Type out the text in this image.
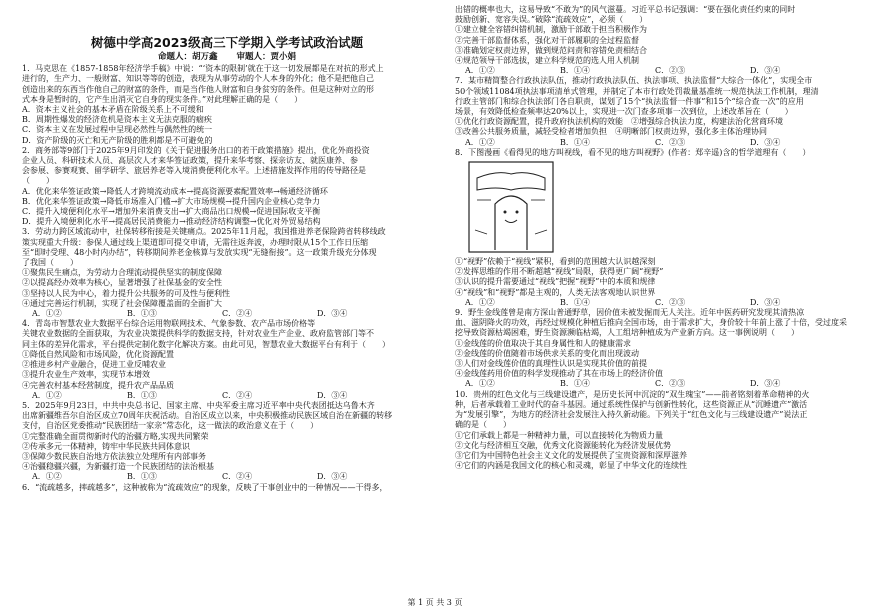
树德中学高2023级高三下学期入学考试政治试题
命题人：胡万鑫 审题人：贾小娟

1．马克思在《1857-1858年经济学手稿》中说：“‘资本的限制’就在于这一切发展都是在对抗的形式上

进行的，生产力、一般财富、知识等等的创造，表现为从事劳动的个人本身的外化；他不是把他自己

创造出来的东西当作他自己的财富的条件，而是当作他人财富和自身贫穷的条件。但是这种对立的形

式本身是暂时的，它产生出消灭它自身的现实条件。”对此理解正确的是（　　）

A．资本主义社会的基本矛盾在阶级关系上不可缓和

B．周期性爆发的经济危机是资本主义无法克服的痼疾

C．资本主义在发展过程中呈现必然性与偶然性的统一

D．资产阶级的灭亡和无产阶级的胜利都是不可避免的

2．商务部等9部门于2025年9月印发的《关于促进服务出口的若干政策措施》提出，优化外商投资

企业人员、科研技术人员、高层次人才来华签证政策，提升来华考察、探亲访友、就医康养、参

会参展、参赛观赛、留学研学、旅居养老等入境消费便利化水平。上述措施发挥作用的传导路径是

（　　）

A．优化来华签证政策→降低人才跨境流动成本→提高资源要素配置效率→畅通经济循环

B．优化来华签证政策→降低市场准入门槛→扩大市场规模→提升国内企业核心竞争力

C．提升入境便利化水平→增加外来消费支出→扩大商品出口规模→促进国际收支平衡

D．提升入境便利化水平→提高居民消费能力→推动经济结构调整→优化对外贸易结构

3．劳动力跨区域流动中，社保转移衔接是关键痛点。2025年11月起，我国推进养老保险跨省转移线政

策实现重大升级：参保人通过线上渠道即可提交申请，无需往返奔波，办理时限从15个工作日压缩

至“即时受理、48小时内办结”，转移期间养老金核算与发放实现“无缝衔接”。这一政策升级充分体现

了我国（　　）

①聚焦民生痛点，为劳动力合理流动提供坚实的制度保障

②以提高经办效率为核心，显著增强了社保基金的安全性

③坚持以人民为中心，着力提升公共服务的可及性与便利性

④通过完善运行机制，实现了社会保障覆盖面的全面扩大

A．①②	B．①③	C．②④	D．③④

4．青岛市智慧农业大数据平台综合运用物联网技术、气象参数、农产品市场价格等

关键农业数据的全面获取，为农业决策提供科学的数据支持，针对农业生产企业、政府监管部门等不

同主体的差异化需求，平台提供定制化数字化解决方案。由此可见，智慧农业大数据平台有利于（　　）

①降低自然风险和市场风险，优化资源配置

②推进乡村产业融合，促进工业反哺农业

③提升农业生产效率，实现节本增效

④完善农村基本经营制度，提升农产品品质

A．①②	B．①③	C．②④	D．③④

5．2025年9月23日，中共中央总书记、国家主席、中央军委主席习近平率中央代表团抵达乌鲁木齐

出席新疆维吾尔自治区成立70周年庆祝活动。自治区成立以来，中央积极推动民族区域自治在新疆的转移

支付，自治区党委推动“民族团结一家亲”常态化，这一做法的政治意义在于（　　）

①完整准确全面贯彻新时代的治疆方略,实现共同繁荣

②传承多元一体精神，铸牢中华民族共同体意识

③保障少数民族自治地方依法独立处理所有内部事务

④治疆稳疆兴疆，为新疆打造一个民族团结的法治根基

A．①②	B．①③	C．②④	D．③④

6．“流疏越多，摔疏越多”，这种被称为“流疏效应”的现象，反映了干事创业中的一种情况——干得多，

出错的概率也大，这易导致“不敢为”的风气滋蔓。习近平总书记强调：“要在强化责任约束的同时

鼓励创新、宽容失误。”破除“流疏效应”，必须（　　）

①建立健全容错纠错机制，激励干部敢于担当积极作为

②完善干部监督体系，强化对干部履职的全过程监督

③准确划定权责边界，做到规范问责和容错免责相结合

④规范领导干部选拔，建立科学规范的选人用人机制

A．①②	B．①④	C．②③	D．③④

7．某市精简整合行政执法队伍，推动行政执法队伍、执法事项、执法监督“大综合一体化”，实现全市

50个领域11084项执法事项清单式管理，并制定了本市行政处罚裁量基准统一规范执法工作机制，理清

行政主管部门和综合执法部门各自职责，谋划了15个“执法监督一件事”和15个“综合查一次”的应用

场景，有效降低检查频率达20%以上，实现进一次门查多项事一次到位，上述改革旨在（　　）

①优化行政资源配置，提升政府执法机构的效能　②增强综合执法力度，构建法治化营商环境

③改善公共服务质量，减轻受检者增加负担　④明晰部门权责边界，强化多主体治理协同

A．①②	B．①④	C．②③	D．③④

8．下图漫画《看得见的地方叫视线，看不见的地方叫视野》(作者：郑辛遥)含的哲学道理有（　　）

①“视野”依赖于“视线”紧积，看到的范围越大认识越深刻

②发挥思维的作用不断超越“视线”局限，获得更广阔“视野”

③认识的提升需要通过“视线”把握“视野”中的本质和规律

④“视线”和“视野”都是主观的，人类无法客观地认识世界

A．①②	B．①④	C．②③	D．③④

9．野生金线莲曾是南方深山普通野草，因价值未被发掘而无人关注。近年中医药研究发现其清热凉

血、滋阴降火的功效，再经过规模化种植后推向全国市场，由于需求扩大，身价较十年前上涨了十倍，受过度采

挖导致资源枯竭困难，野生资源濒临枯竭，人工组培种植成为产业新方向。这一事例说明（　　）

①金线莲的价值取决于其自身属性和人的健康需求

②金线莲的价值随着市场供求关系的变化而出现波动

③人们对金线莲价值的真理性认识是实现其价值的前提

④金线莲药用价值的科学发现推动了其在市场上的经济价值

A．①②	B．①④	C．②③	D．③④

10．贵州的红色文化与三线建设遗产，是历史长河中沉淀的“双生瑰宝”——前者铭刻着革命精神的火

种，后者承载着工业时代的奋斗基因。通过系统性保护与创新性转化，这些资源正从“沉睡遗产”激活

为“发展引擎”，为地方的经济社会发展注入持久新动能。下列关于“红色文化与三线建设遗产”说法正

确的是（　　）

①它们承载上都是一种精神力量，可以直接转化为物质力量

②文化与经济相互交融，优秀文化资源能转化为经济发展优势

③它们为中国特色社会主义文化的发展提供了宝贵资源和深厚滋养

④它们的内涵是我国文化的核心和灵魂，彰显了中华文化的连续性

第 1 页 共 3 页
